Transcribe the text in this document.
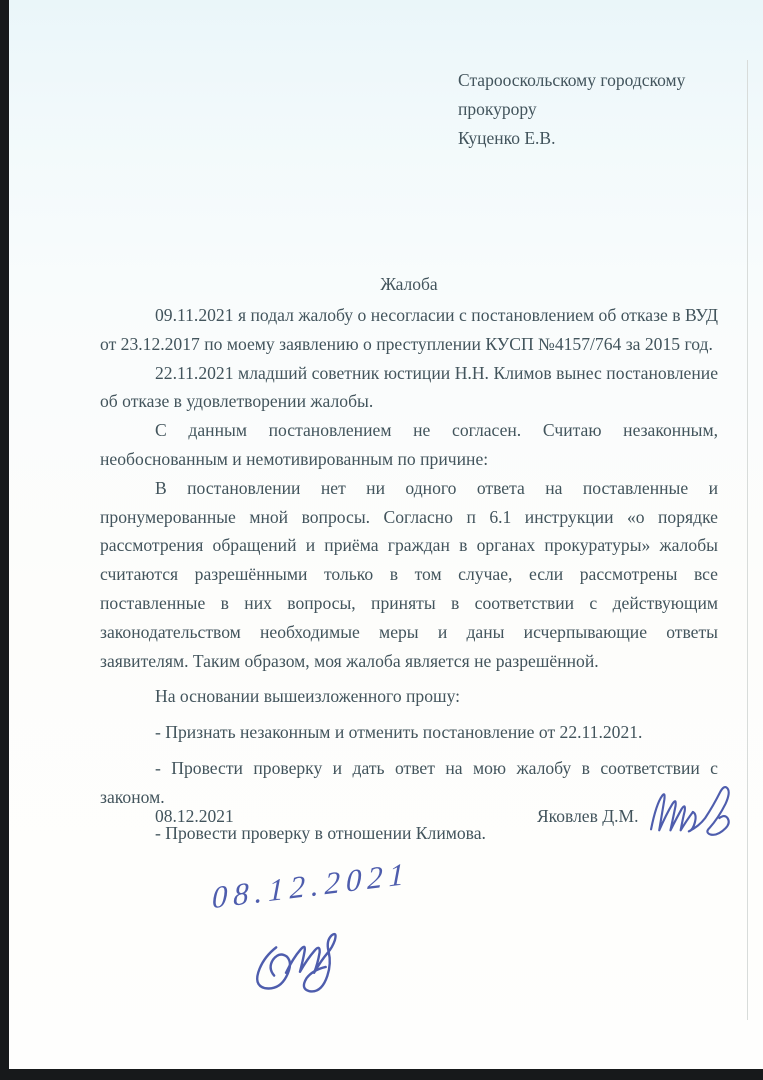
Старооскольскому городскому
прокурору
Куценко Е.В.
Жалоба

09.11.2021 я подал жалобу о несогласии с постановлением об отказе в ВУД от 23.12.2017 по моему заявлению о преступлении КУСП №4157/764 за 2015 год.

22.11.2021 младший советник юстиции Н.Н. Климов вынес постановление об отказе в удовлетворении жалобы.

С данным постановлением не согласен. Считаю незаконным, необоснованным и немотивированным по причине:

В постановлении нет ни одного ответа на поставленные и пронумерованные мной вопросы. Согласно п 6.1 инструкции «о порядке рассмотрения обращений и приёма граждан в органах прокуратуры» жалобы считаются разрешёнными только в том случае, если рассмотрены все поставленные в них вопросы, приняты в соответствии с действующим законодательством необходимые меры и даны исчерпывающие ответы заявителям. Таким образом, моя жалоба является не разрешённой.

На основании вышеизложенного прошу:

- Признать незаконным и отменить постановление от 22.11.2021.

- Провести проверку и дать ответ на мою жалобу в соответствии с законом.

- Провести проверку в отношении Климова.

08.12.2021	Яковлев Д.М.
08.12.2021
